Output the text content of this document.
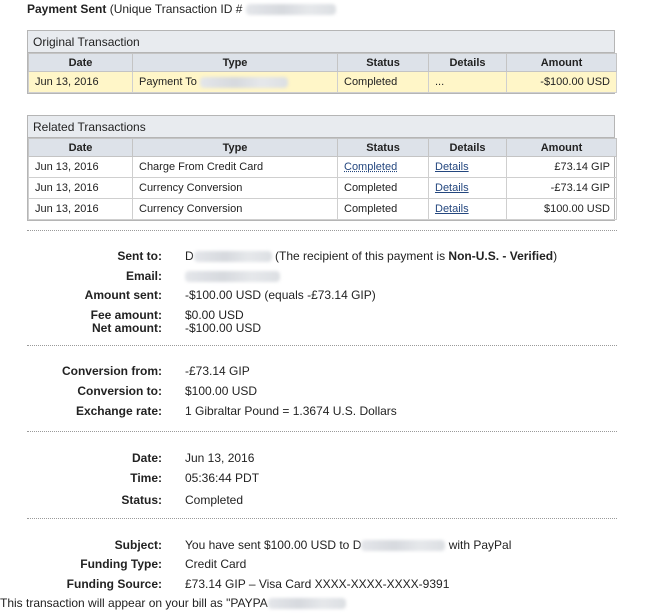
Payment Sent (Unique Transaction ID #
Original Transaction
Date	Type	Status	Details	Amount
Jun 13, 2016	Payment To	Completed	...	-$100.00 USD
Related Transactions
Date	Type	Status	Details	Amount
Jun 13, 2016	Charge From Credit Card	Completed	Details	£73.14 GIP
Jun 13, 2016	Currency Conversion	Completed	Details	-£73.14 GIP
Jun 13, 2016	Currency Conversion	Completed	Details	$100.00 USD
Sent to: D	(The recipient of this payment is Non-U.S. - Verified)
Email:
Amount sent: -$100.00 USD (equals -£73.14 GIP)
Fee amount: $0.00 USD
Net amount: -$100.00 USD
Conversion from: -£73.14 GIP
Conversion to: $100.00 USD
Exchange rate: 1 Gibraltar Pound = 1.3674 U.S. Dollars
Date: Jun 13, 2016
Time: 05:36:44 PDT
Status: Completed
Subject: You have sent $100.00 USD to D	with PayPal
Funding Type: Credit Card
Funding Source: £73.14 GIP – Visa Card XXXX-XXXX-XXXX-9391
This transaction will appear on your bill as "PAYPA
